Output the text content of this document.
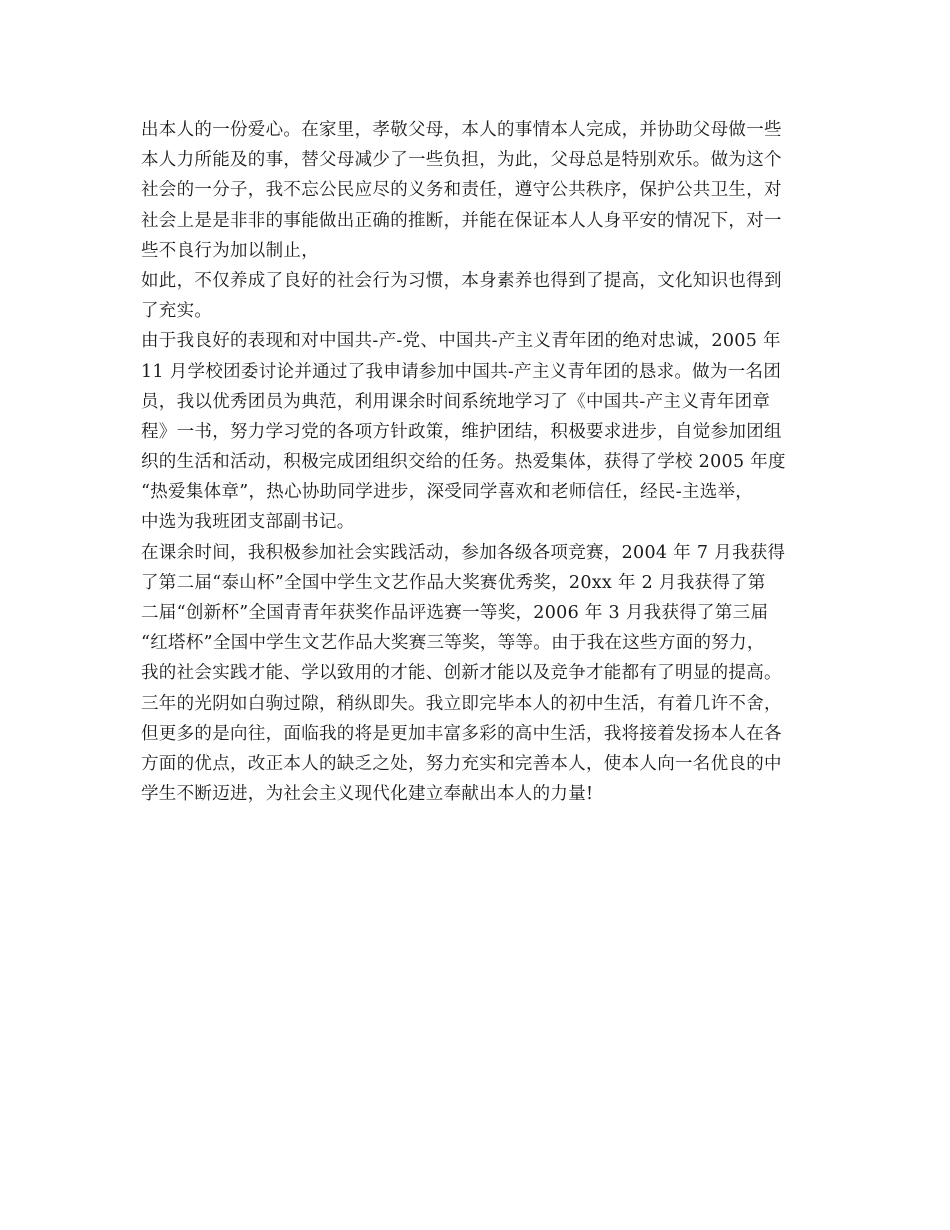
出本人的一份爱心。在家里，孝敬父母，本人的事情本人完成，并协助父母做一些
本人力所能及的事，替父母减少了一些负担，为此，父母总是特别欢乐。做为这个
社会的一分子，我不忘公民应尽的义务和责任，遵守公共秩序，保护公共卫生，对
社会上是是非非的事能做出正确的推断，并能在保证本人人身平安的情况下，对一
些不良行为加以制止，
如此，不仅养成了良好的社会行为习惯，本身素养也得到了提高，文化知识也得到
了充实。
由于我良好的表现和对中国共-产-党、中国共-产主义青年团的绝对忠诚，2005 年
11 月学校团委讨论并通过了我申请参加中国共-产主义青年团的恳求。做为一名团
员，我以优秀团员为典范，利用课余时间系统地学习了《中国共-产主义青年团章
程》一书，努力学习党的各项方针政策，维护团结，积极要求进步，自觉参加团组
织的生活和活动，积极完成团组织交给的任务。热爱集体，获得了学校 2005 年度
“热爱集体章”，热心协助同学进步，深受同学喜欢和老师信任，经民-主选举，
中选为我班团支部副书记。
在课余时间，我积极参加社会实践活动，参加各级各项竞赛，2004 年 7 月我获得
了第二届“泰山杯”全国中学生文艺作品大奖赛优秀奖，20xx 年 2 月我获得了第
二届“创新杯”全国青青年获奖作品评选赛一等奖，2006 年 3 月我获得了第三届
“红塔杯”全国中学生文艺作品大奖赛三等奖，等等。由于我在这些方面的努力，
我的社会实践才能、学以致用的才能、创新才能以及竞争才能都有了明显的提高。
三年的光阴如白驹过隙，稍纵即失。我立即完毕本人的初中生活，有着几许不舍，
但更多的是向往，面临我的将是更加丰富多彩的高中生活，我将接着发扬本人在各
方面的优点，改正本人的缺乏之处，努力充实和完善本人，使本人向一名优良的中
学生不断迈进，为社会主义现代化建立奉献出本人的力量!
